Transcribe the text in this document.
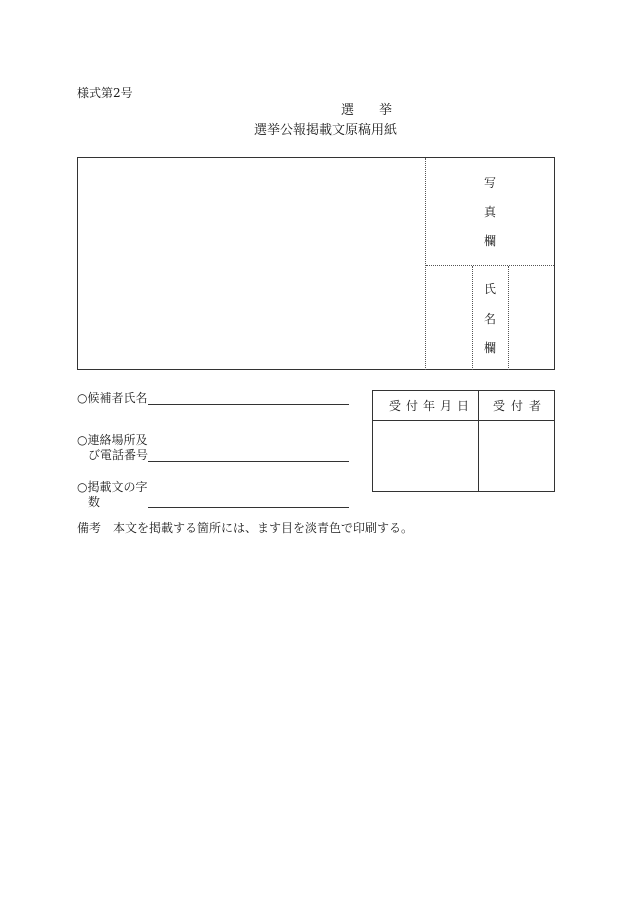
様式第2号
選　挙
選挙公報掲載文原稿用紙
写
真
欄
氏
名
欄
○候補者氏名
○連絡場所及
び電話番号
○掲載文の字
数
受付年月日 受付者
備考　本文を掲載する箇所には、ます目を淡青色で印刷する。
